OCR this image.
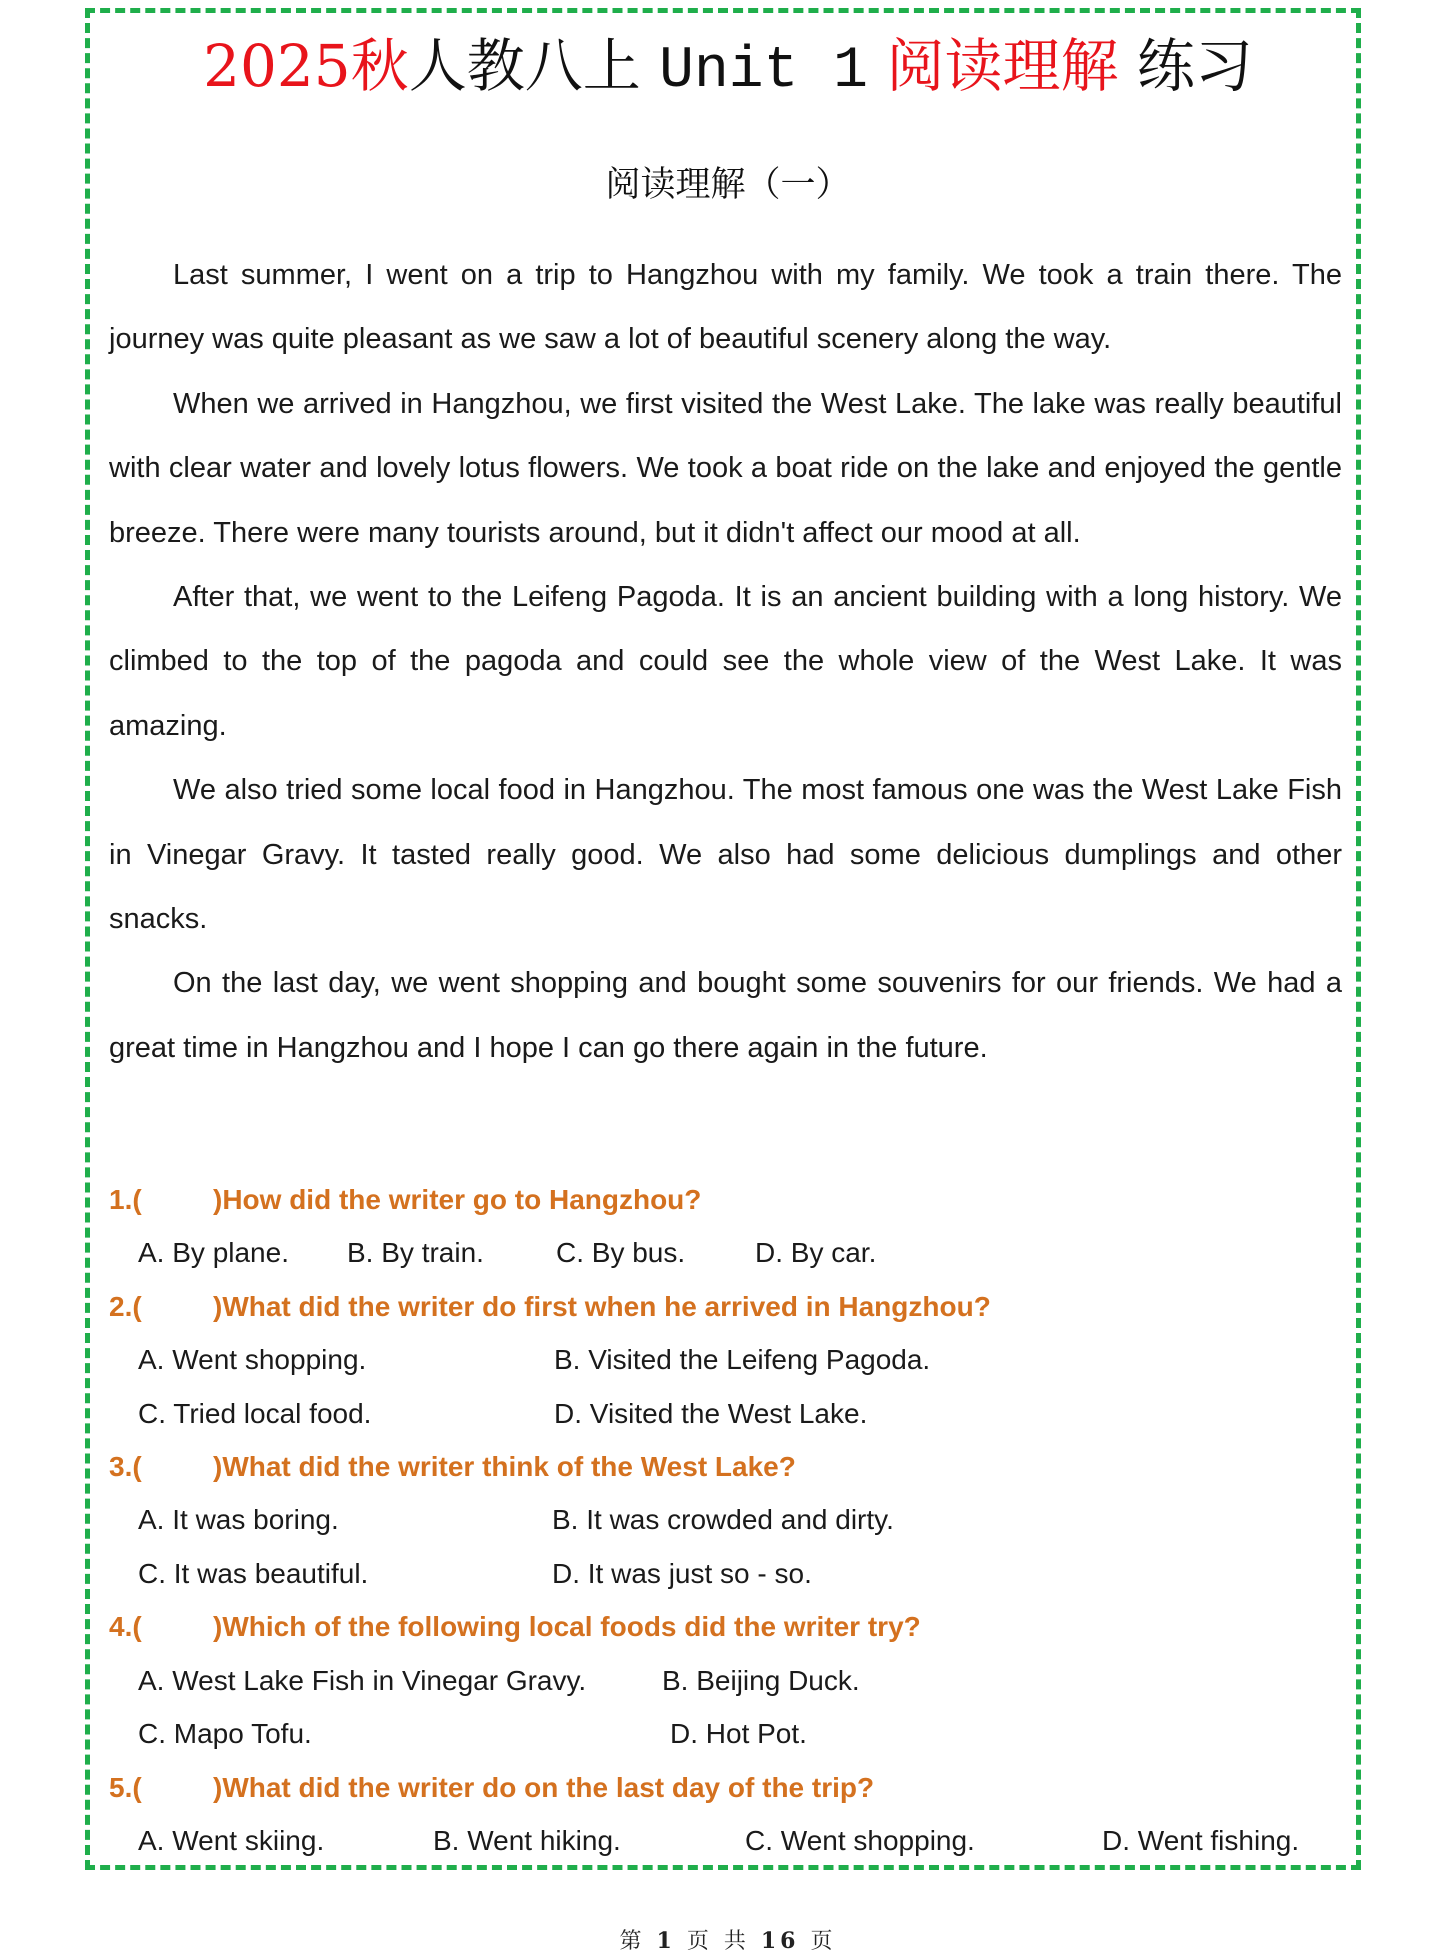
2025秋人教八上 Unit 1 阅读理解 练习
阅读理解（一）

Last summer, I went on a trip to Hangzhou with my family. We took a train there. The journey was quite pleasant as we saw a lot of beautiful scenery along the way.

When we arrived in Hangzhou, we first visited the West Lake. The lake was really beautiful with clear water and lovely lotus flowers. We took a boat ride on the lake and enjoyed the gentle breeze. There were many tourists around, but it didn't affect our mood at all.

After that, we went to the Leifeng Pagoda. It is an ancient building with a long history. We climbed to the top of the pagoda and could see the whole view of the West Lake. It was amazing.

We also tried some local food in Hangzhou. The most famous one was the West Lake Fish in Vinegar Gravy. It tasted really good. We also had some delicious dumplings and other snacks.

On the last day, we went shopping and bought some souvenirs for our friends. We had a great time in Hangzhou and I hope I can go there again in the future.

1.(	)How did the writer go to Hangzhou?
A. By plane. B. By train.	C. By bus. D. By car.
2.(	)What did the writer do first when he arrived in Hangzhou?
A. Went shopping.	B. Visited the Leifeng Pagoda.
C. Tried local food.	D. Visited the West Lake.
3.(	)What did the writer think of the West Lake?
A. It was boring.	B. It was crowded and dirty.
C. It was beautiful.	D. It was just so - so.
4.(	)Which of the following local foods did the writer try?
A. West Lake Fish in Vinegar Gravy.	B. Beijing Duck.
C. Mapo Tofu.	D. Hot Pot.
5.(	)What did the writer do on the last day of the trip?
A. Went skiing.	B. Went hiking.	C. Went shopping.	D. Went fishing.
第 1 页 共 16 页
